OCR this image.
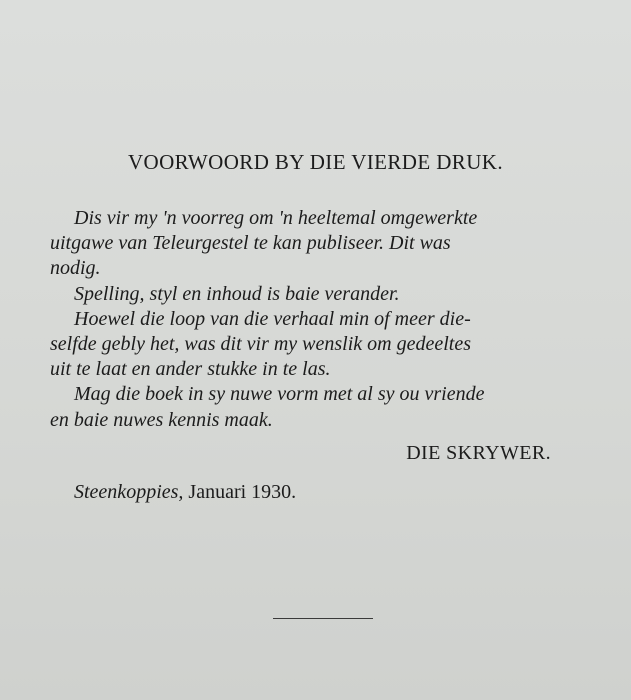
VOORWOORD BY DIE VIERDE DRUK.
Dis vir my 'n voorreg om 'n heeltemal omgewerkte
uitgawe van Teleurgestel te kan publiseer. Dit was
nodig.
Spelling, styl en inhoud is baie verander.
Hoewel die loop van die verhaal min of meer die-
selfde gebly het, was dit vir my wenslik om gedeeltes
uit te laat en ander stukke in te las.
Mag die boek in sy nuwe vorm met al sy ou vriende
en baie nuwes kennis maak.
DIE SKRYWER.
Steenkoppies, Januari 1930.
